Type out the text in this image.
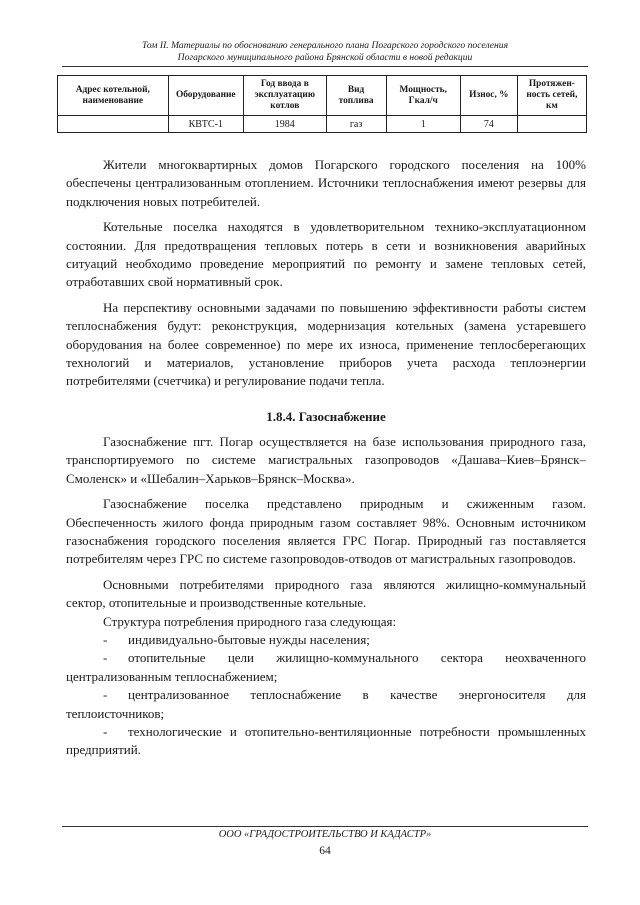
Том II. Материалы по обоснованию генерального плана Погарского городского поселения
Погарского муниципального района Брянской области в новой редакции
Адрес котельной, наименование	Оборудование	Год ввода в эксплуатацию котлов	Вид топлива	Мощность, Гкал/ч	Износ, %	Протяжен-ность сетей, км
	КВТС-1	1984	газ	1	74	

Жители многоквартирных домов Погарского городского поселения на 100% обеспечены централизованным отоплением. Источники теплоснабжения имеют резервы для подключения новых потребителей.

Котельные поселка находятся в удовлетворительном технико-эксплуатационном состоянии. Для предотвращения тепловых потерь в сети и возникновения аварийных ситуаций необходимо проведение мероприятий по ремонту и замене тепловых сетей, отработавших свой нормативный срок.

На перспективу основными задачами по повышению эффективности работы систем теплоснабжения будут: реконструкция, модернизация котельных (замена устаревшего оборудования на более современное) по мере их износа, применение теплосберегающих технологий и материалов, установление приборов учета расхода теплоэнергии потребителями (счетчика) и регулирование подачи тепла.

1.8.4. Газоснабжение

Газоснабжение пгт. Погар осуществляется на базе использования природного газа, транспортируемого по системе магистральных газопроводов «Дашава–Киев–Брянск–Смоленск» и «Шебалин–Харьков–Брянск–Москва».

Газоснабжение поселка представлено природным и сжиженным газом. Обеспеченность жилого фонда природным газом составляет 98%. Основным источником газоснабжения городского поселения является ГРС Погар. Природный газ поставляется потребителям через ГРС по системе газопроводов-отводов от магистральных газопроводов.

Основными потребителями природного газа являются жилищно-коммунальный сектор, отопительные и производственные котельные.

Структура потребления природного газа следующая:

- индивидуально-бытовые нужды населения;

- отопительные цели жилищно-коммунального сектора неохваченного централизованным теплоснабжением;

- централизованное теплоснабжение в качестве энергоносителя для теплоисточников;

- технологические и отопительно-вентиляционные потребности промышленных предприятий.

ООО «ГРАДОСТРОИТЕЛЬСТВО И КАДАСТР»
64
